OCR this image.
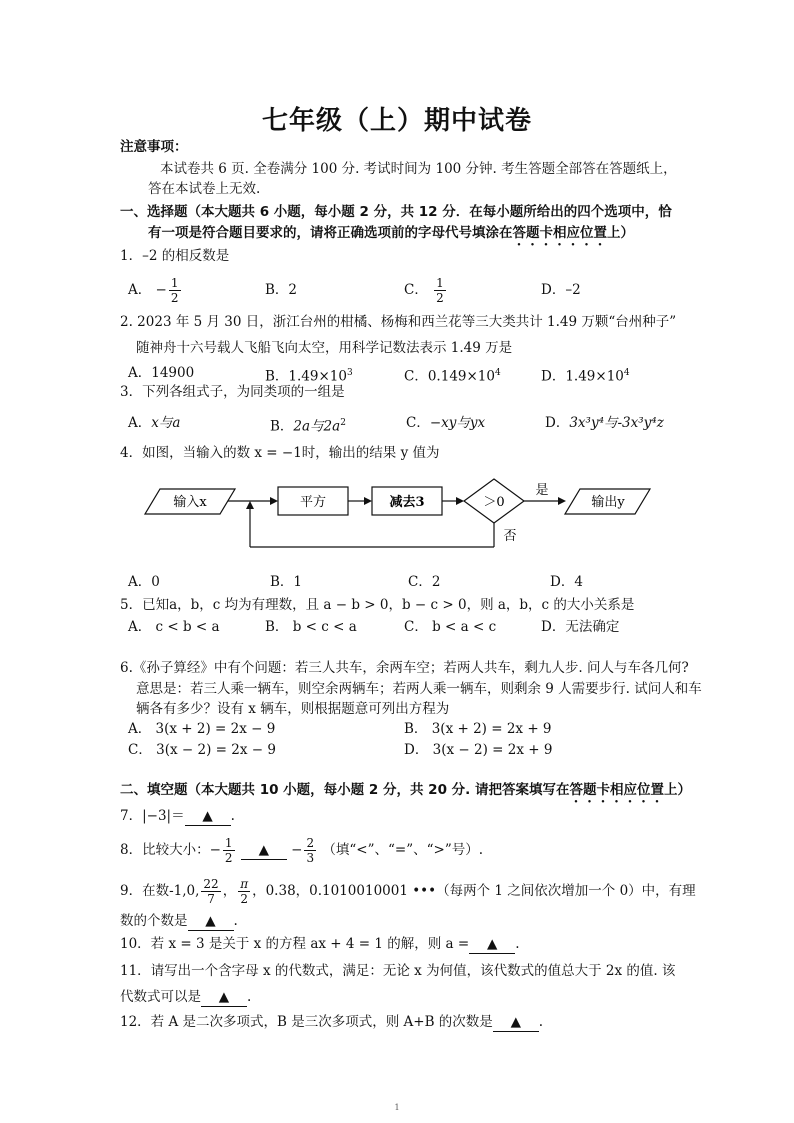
七年级（上）期中试卷
注意事项：
本试卷共 6 页. 全卷满分 100 分. 考试时间为 100 分钟. 考生答题全部答在答题纸上，
答在本试卷上无效.
一、选择题（本大题共 6 小题，每小题 2 分，共 12 分．在每小题所给出的四个选项中，恰
有一项是符合题目要求的，请将正确选项前的字母代号填涂在答题卡相应位置上）
1．–2 的相反数是
A． − $\frac{1}{2}$	B．2	C． $\frac{1}{2}$	D．–2
2. 2023 年 5 月 30 日，浙江台州的柑橘、杨梅和西兰花等三大类共计 1.49 万颗“台州种子”
随神舟十六号载人飞船飞向太空，用科学记数法表示 1.49 万是
A．14900	B．$1.49\times 10^3$	C．$0.149\times 10^4$	D．$1.49\times 10^4$
3．下列各组式子，为同类项的一组是
A．x与a	B．2a与$2a^2$	C．−xy与yx	D．3x³y⁴与-3x³y⁴z
4．如图，当输入的数 x = −1时，输出的结果 y 值为
输入x	平方	减去3	＞0
是
输出y
否
A．0	B．1	C．2	D．4
5．已知a，b，c 均为有理数，且 a − b > 0，b − c > 0，则 a，b，c 的大小关系是
A． c < b < a	B． b < c < a	C． b < a < c	D．无法确定
6.《孙子算经》中有个问题：若三人共车，余两车空；若两人共车，剩九人步. 问人与车各几何?
意思是：若三人乘一辆车，则空余两辆车；若两人乘一辆车，则剩余 9 人需要步行. 试问人和车
辆各有多少？设有 x 辆车，则根据题意可列出方程为
A． 3(x + 2) = 2x − 9	B． 3(x + 2) = 2x + 9
C． 3(x − 2) = 2x − 9	D． 3(x − 2) = 2x + 9
二、填空题（本大题共 10 小题，每小题 2 分，共 20 分. 请把答案填写在答题卡相应位置上）
7．|−3|＝ ▲ .
8．比较大小：− $\frac{1}{2}$ ▲ − $\frac{2}{3}$ （填“<”、“=”、“>”号）.
9．在数-1,0, $\frac{22}{7}$ ， $\frac{\pi}{2}$ ，0.38，0.1010010001 •••（每两个 1 之间依次增加一个 0）中，有理
数的个数是 ▲ .
10．若 x = 3 是关于 x 的方程 ax + 4 = 1 的解，则 a = ▲ .
11．请写出一个含字母 x 的代数式，满足：无论 x 为何值，该代数式的值总大于 2x 的值. 该
代数式可以是 ▲ .
12．若 A 是二次多项式，B 是三次多项式，则 A+B 的次数是 ▲ .
1
